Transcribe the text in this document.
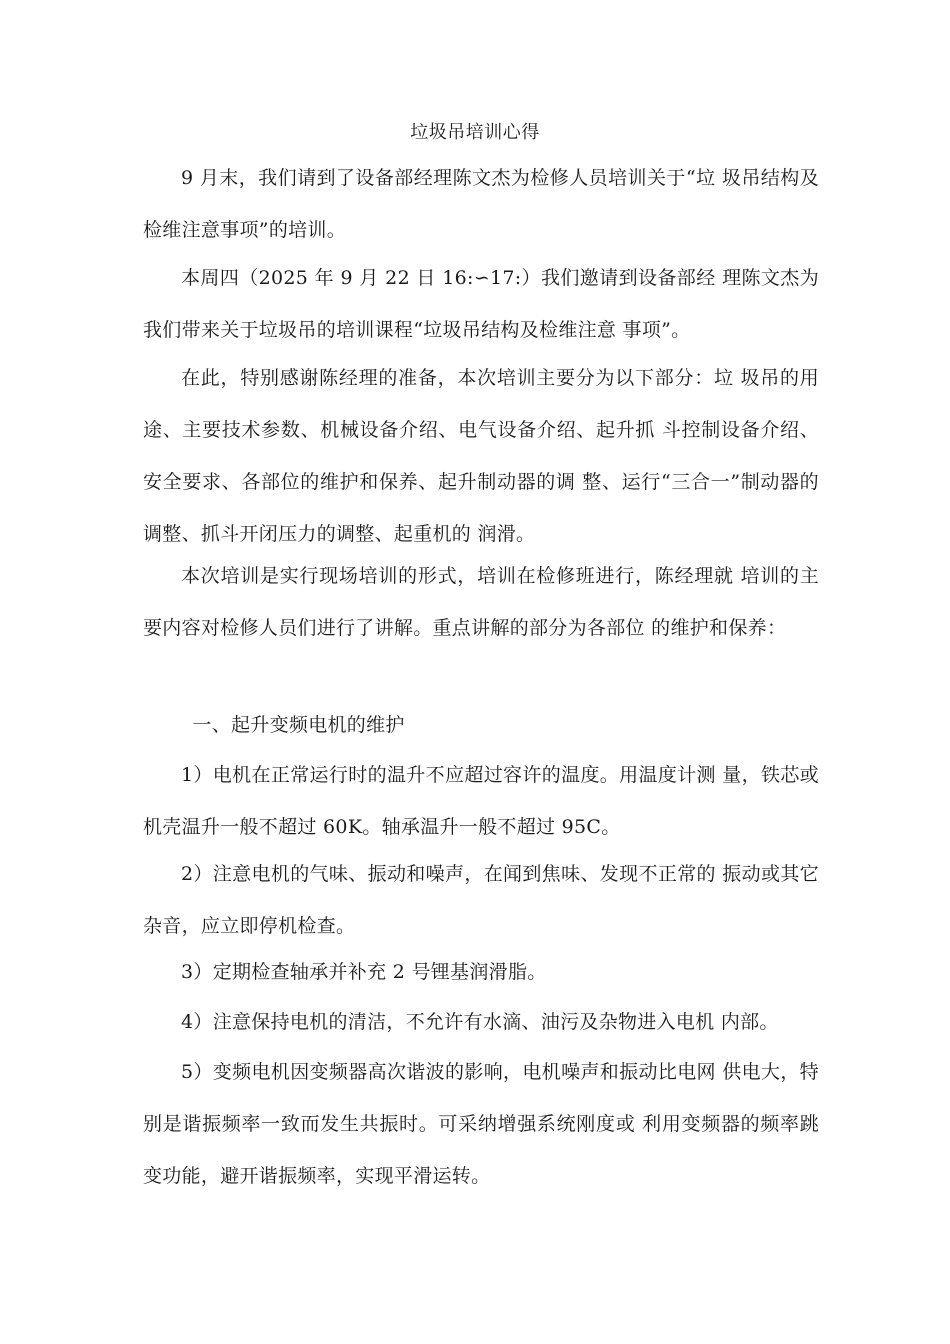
垃圾吊培训心得
9 月末，我们请到了设备部经理陈文杰为检修人员培训关于“垃 圾吊结构及检维注意事项”的培训。
本周四（2025 年 9 月 22 日 16:∽17:）我们邀请到设备部经 理陈文杰为我们带来关于垃圾吊的培训课程“垃圾吊结构及检维注意 事项”。
在此，特别感谢陈经理的准备，本次培训主要分为以下部分：垃 圾吊的用途、主要技术参数、机械设备介绍、电气设备介绍、起升抓 斗控制设备介绍、安全要求、各部位的维护和保养、起升制动器的调 整、运行“三合一”制动器的调整、抓斗开闭压力的调整、起重机的 润滑。
本次培训是实行现场培训的形式，培训在检修班进行，陈经理就 培训的主要内容对检修人员们进行了讲解。重点讲解的部分为各部位 的维护和保养：
一、起升变频电机的维护
1）电机在正常运行时的温升不应超过容许的温度。用温度计测 量，铁芯或机壳温升一般不超过 60K。轴承温升一般不超过 95C。
2）注意电机的气味、振动和噪声，在闻到焦味、发现不正常的 振动或其它杂音，应立即停机检查。
3）定期检查轴承并补充 2 号锂基润滑脂。
4）注意保持电机的清洁，不允许有水滴、油污及杂物进入电机 内部。
5）变频电机因变频器高次谐波的影响，电机噪声和振动比电网 供电大，特别是谐振频率一致而发生共振时。可采纳增强系统刚度或 利用变频器的频率跳变功能，避开谐振频率，实现平滑运转。
